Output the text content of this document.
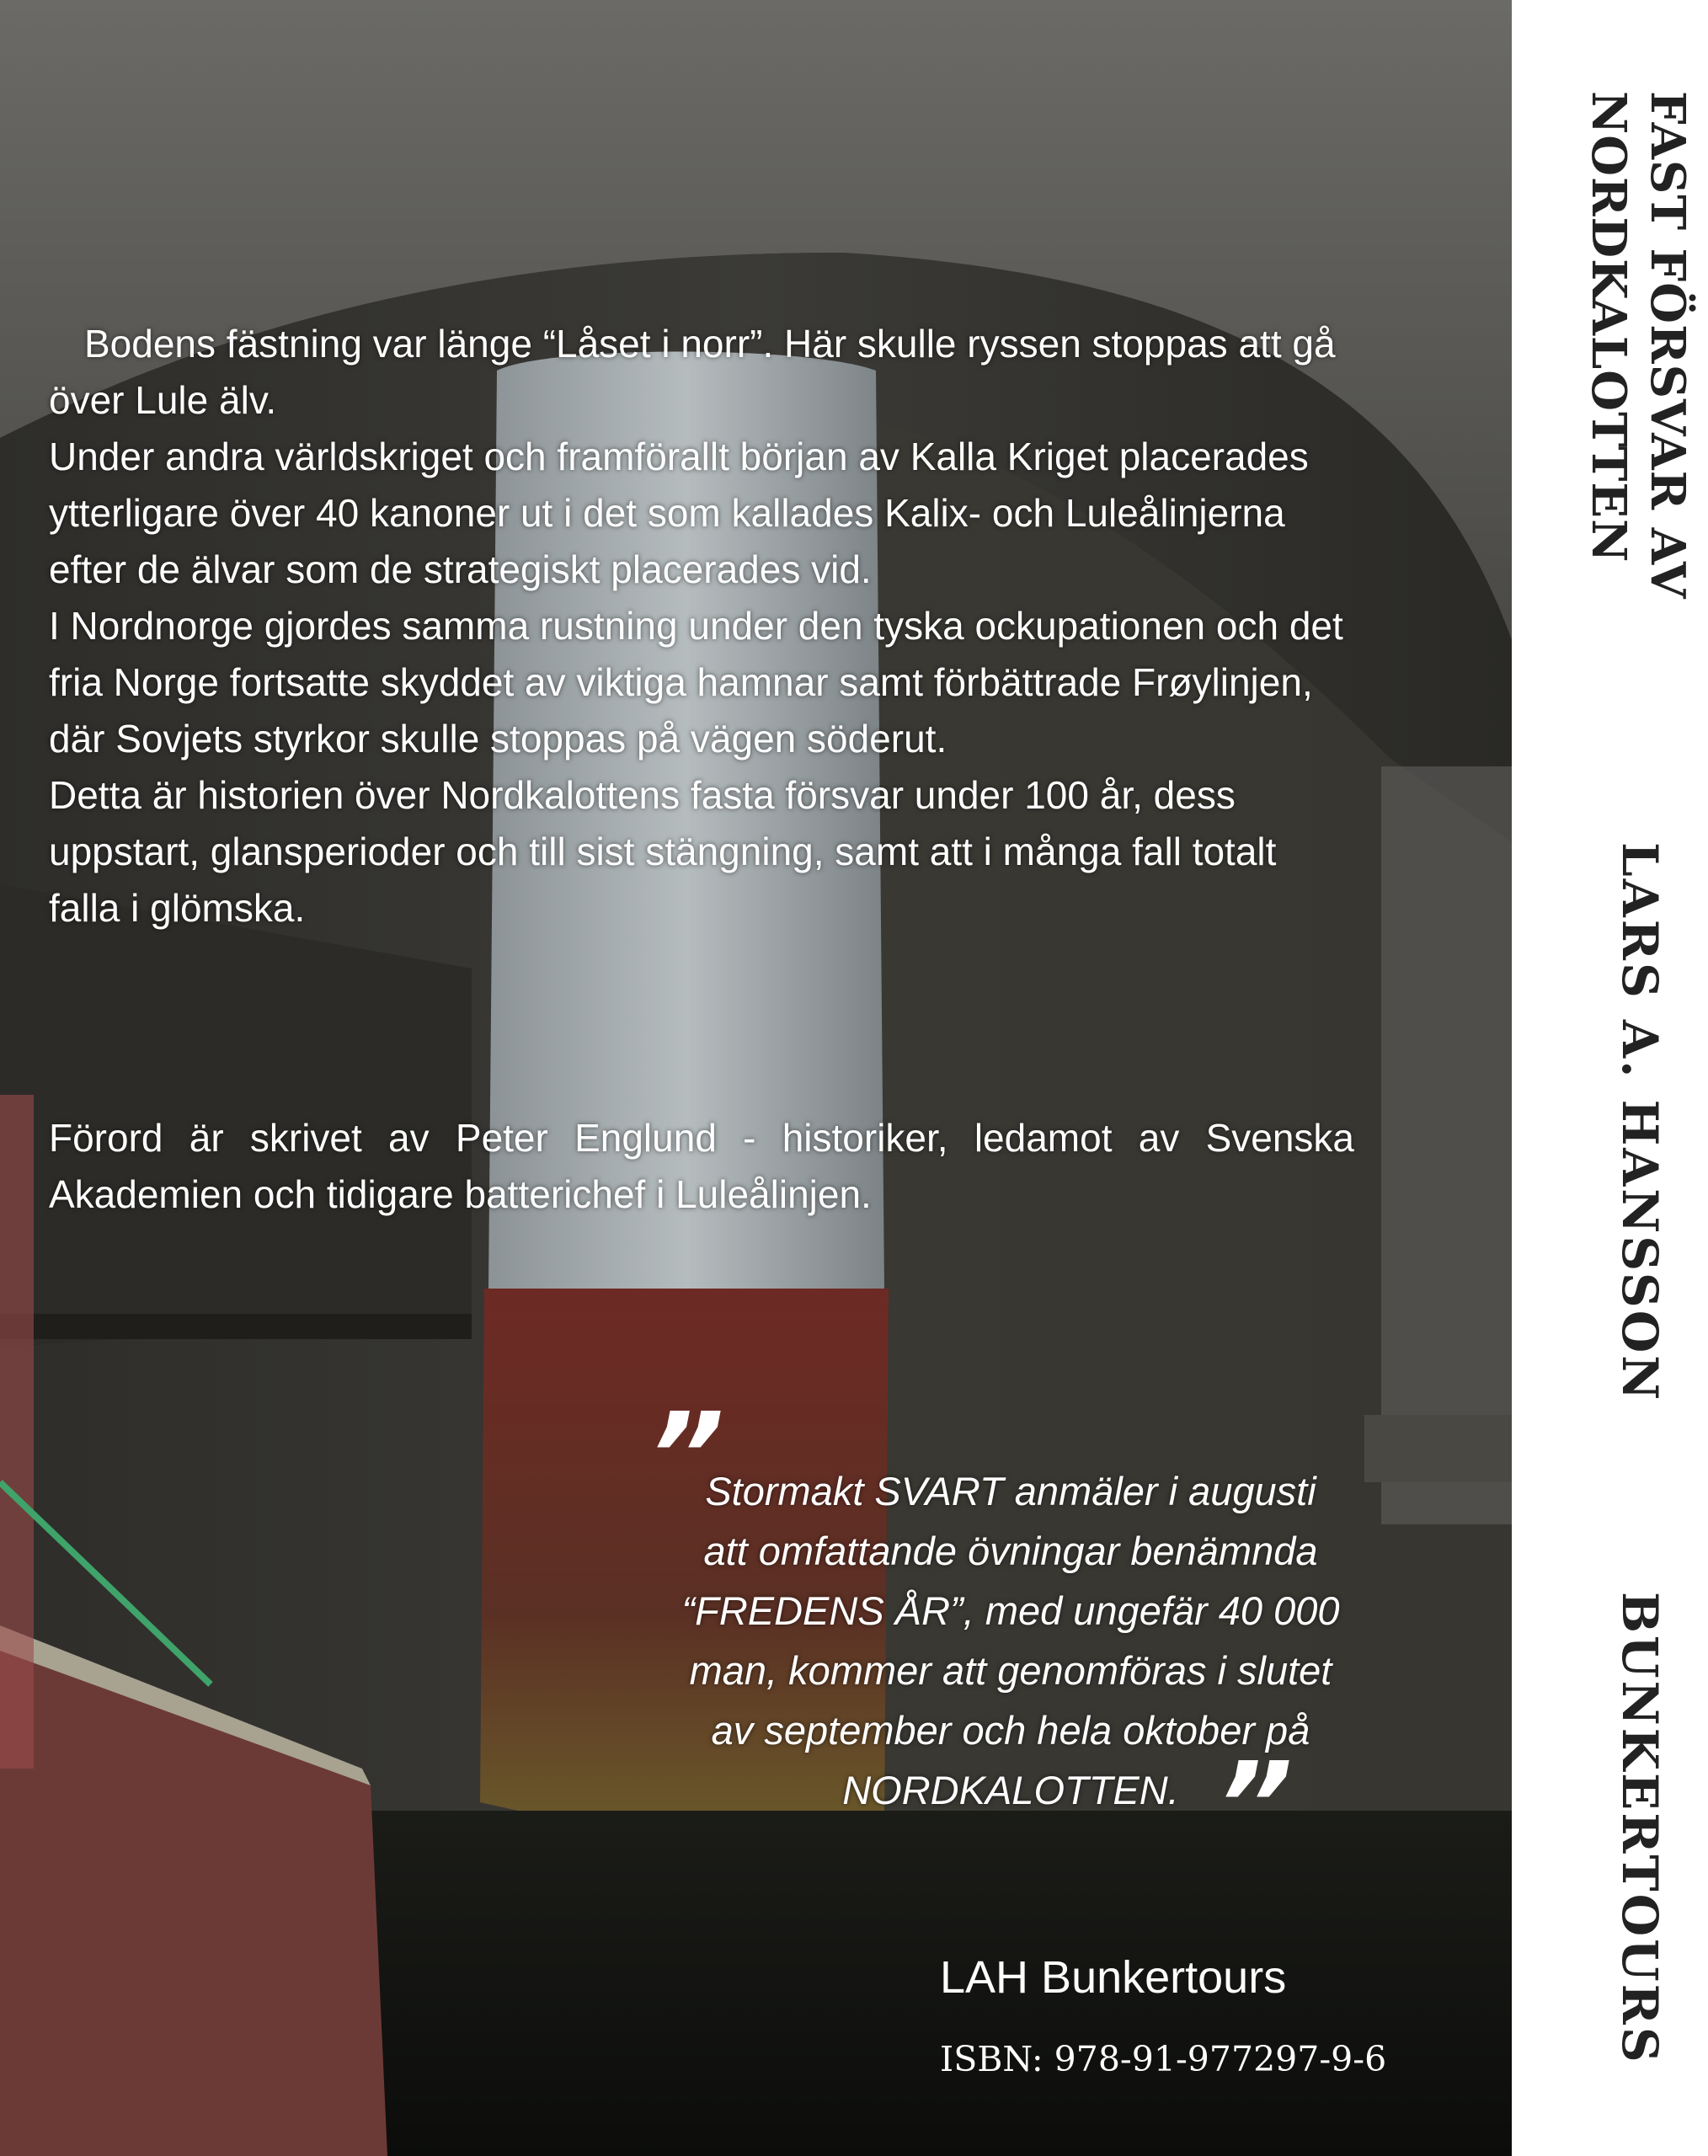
Bodens fästning var länge “Låset i norr”. Här skulle ryssen stoppas att gå över Lule älv.

Under andra världskriget och framförallt början av Kalla Kriget placerades ytterligare över 40 kanoner ut i det som kallades Kalix- och Luleålinjerna efter de älvar som de strategiskt placerades vid.

I Nordnorge gjordes samma rustning under den tyska ockupationen och det fria Norge fortsatte skyddet av viktiga hamnar samt förbättrade Frøylinjen, där Sovjets styrkor skulle stoppas på vägen söderut.

Detta är historien över Nordkalottens fasta försvar under 100 år, dess uppstart, glansperioder och till sist stängning, samt att i många fall totalt falla i glömska.

Förord är skrivet av Peter Englund - historiker, ledamot av Svenska Akademien och tidigare batterichef i Luleålinjen.
”
Stormakt SVART anmäler i augusti
att omfattande övningar benämnda
“FREDENS ÅR”, med ungefär 40 000
man, kommer att genomföras i slutet
av september och hela oktober på
NORDKALOTTEN. ”
LAH Bunkertours
ISBN: 978-91-977297-9-6
FAST FÖRSVAR AV
NORDKALOTTEN
LARS A. HANSSON
BUNKERTOURS
